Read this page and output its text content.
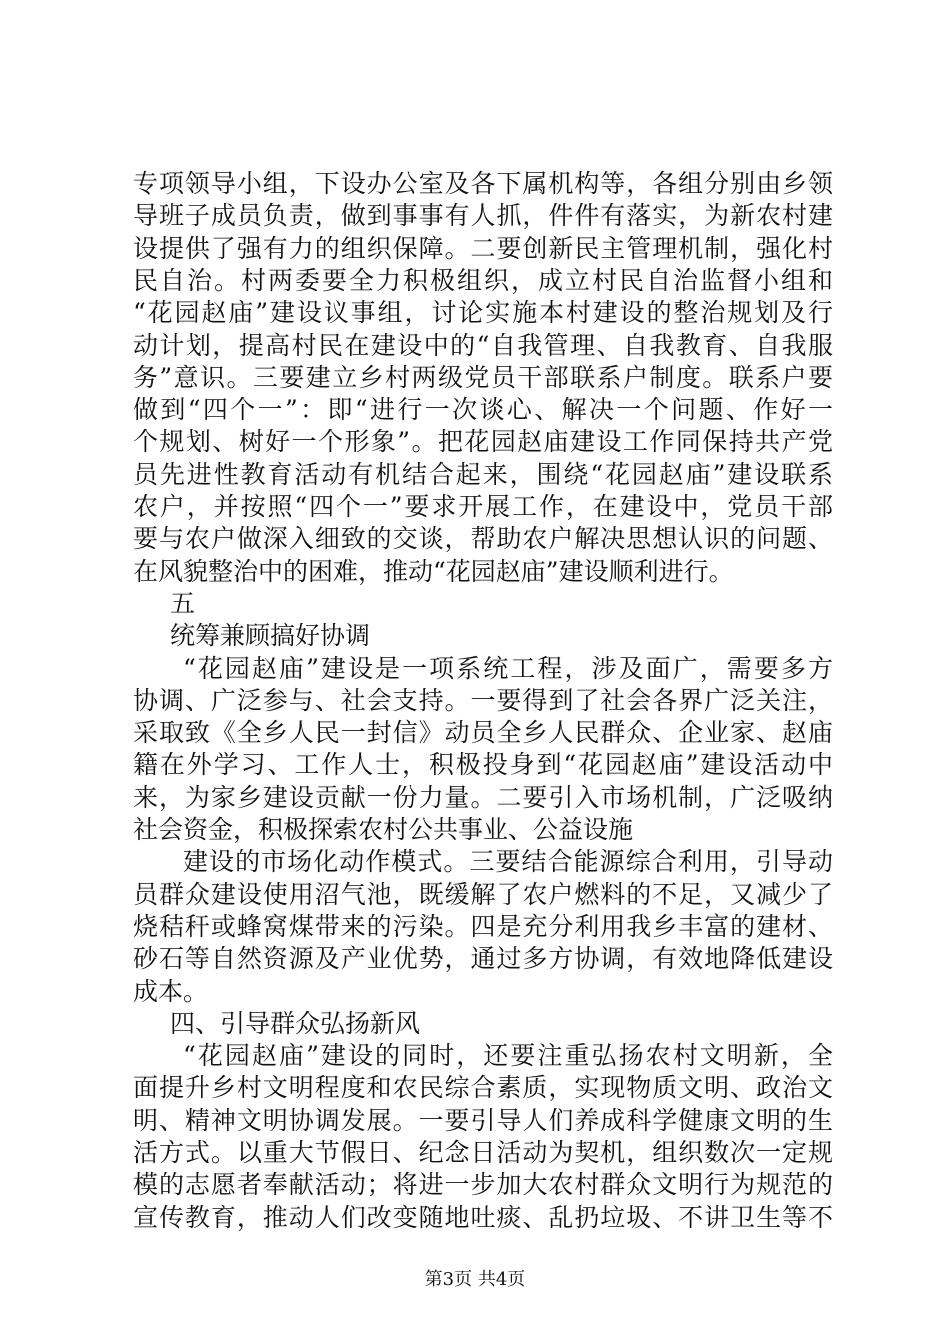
专项领导小组，下设办公室及各下属机构等，各组分别由乡领
导班子成员负责，做到事事有人抓，件件有落实，为新农村建
设提供了强有力的组织保障。二要创新民主管理机制，强化村
民自治。村两委要全力积极组织，成立村民自治监督小组和
“花园赵庙”建设议事组，讨论实施本村建设的整治规划及行
动计划，提高村民在建设中的“自我管理、自我教育、自我服
务”意识。三要建立乡村两级党员干部联系户制度。联系户要
做到“四个一”：即“进行一次谈心、解决一个问题、作好一
个规划、树好一个形象”。把花园赵庙建设工作同保持共产党
员先进性教育活动有机结合起来，围绕“花园赵庙”建设联系
农户，并按照“四个一”要求开展工作，在建设中，党员干部
要与农户做深入细致的交谈，帮助农户解决思想认识的问题、
在风貌整治中的困难，推动“花园赵庙”建设顺利进行。
五
统筹兼顾搞好协调
“花园赵庙”建设是一项系统工程，涉及面广，需要多方
协调、广泛参与、社会支持。一要得到了社会各界广泛关注，
采取致《全乡人民一封信》动员全乡人民群众、企业家、赵庙
籍在外学习、工作人士，积极投身到“花园赵庙”建设活动中
来，为家乡建设贡献一份力量。二要引入市场机制，广泛吸纳
社会资金，积极探索农村公共事业、公益设施
建设的市场化动作模式。三要结合能源综合利用，引导动
员群众建设使用沼气池，既缓解了农户燃料的不足，又减少了
烧秸秆或蜂窝煤带来的污染。四是充分利用我乡丰富的建材、
砂石等自然资源及产业优势，通过多方协调，有效地降低建设
成本。
四、引导群众弘扬新风
“花园赵庙”建设的同时，还要注重弘扬农村文明新，全
面提升乡村文明程度和农民综合素质，实现物质文明、政治文
明、精神文明协调发展。一要引导人们养成科学健康文明的生
活方式。以重大节假日、纪念日活动为契机，组织数次一定规
模的志愿者奉献活动；将进一步加大农村群众文明行为规范的
宣传教育，推动人们改变随地吐痰、乱扔垃圾、不讲卫生等不
第3页 共4页
